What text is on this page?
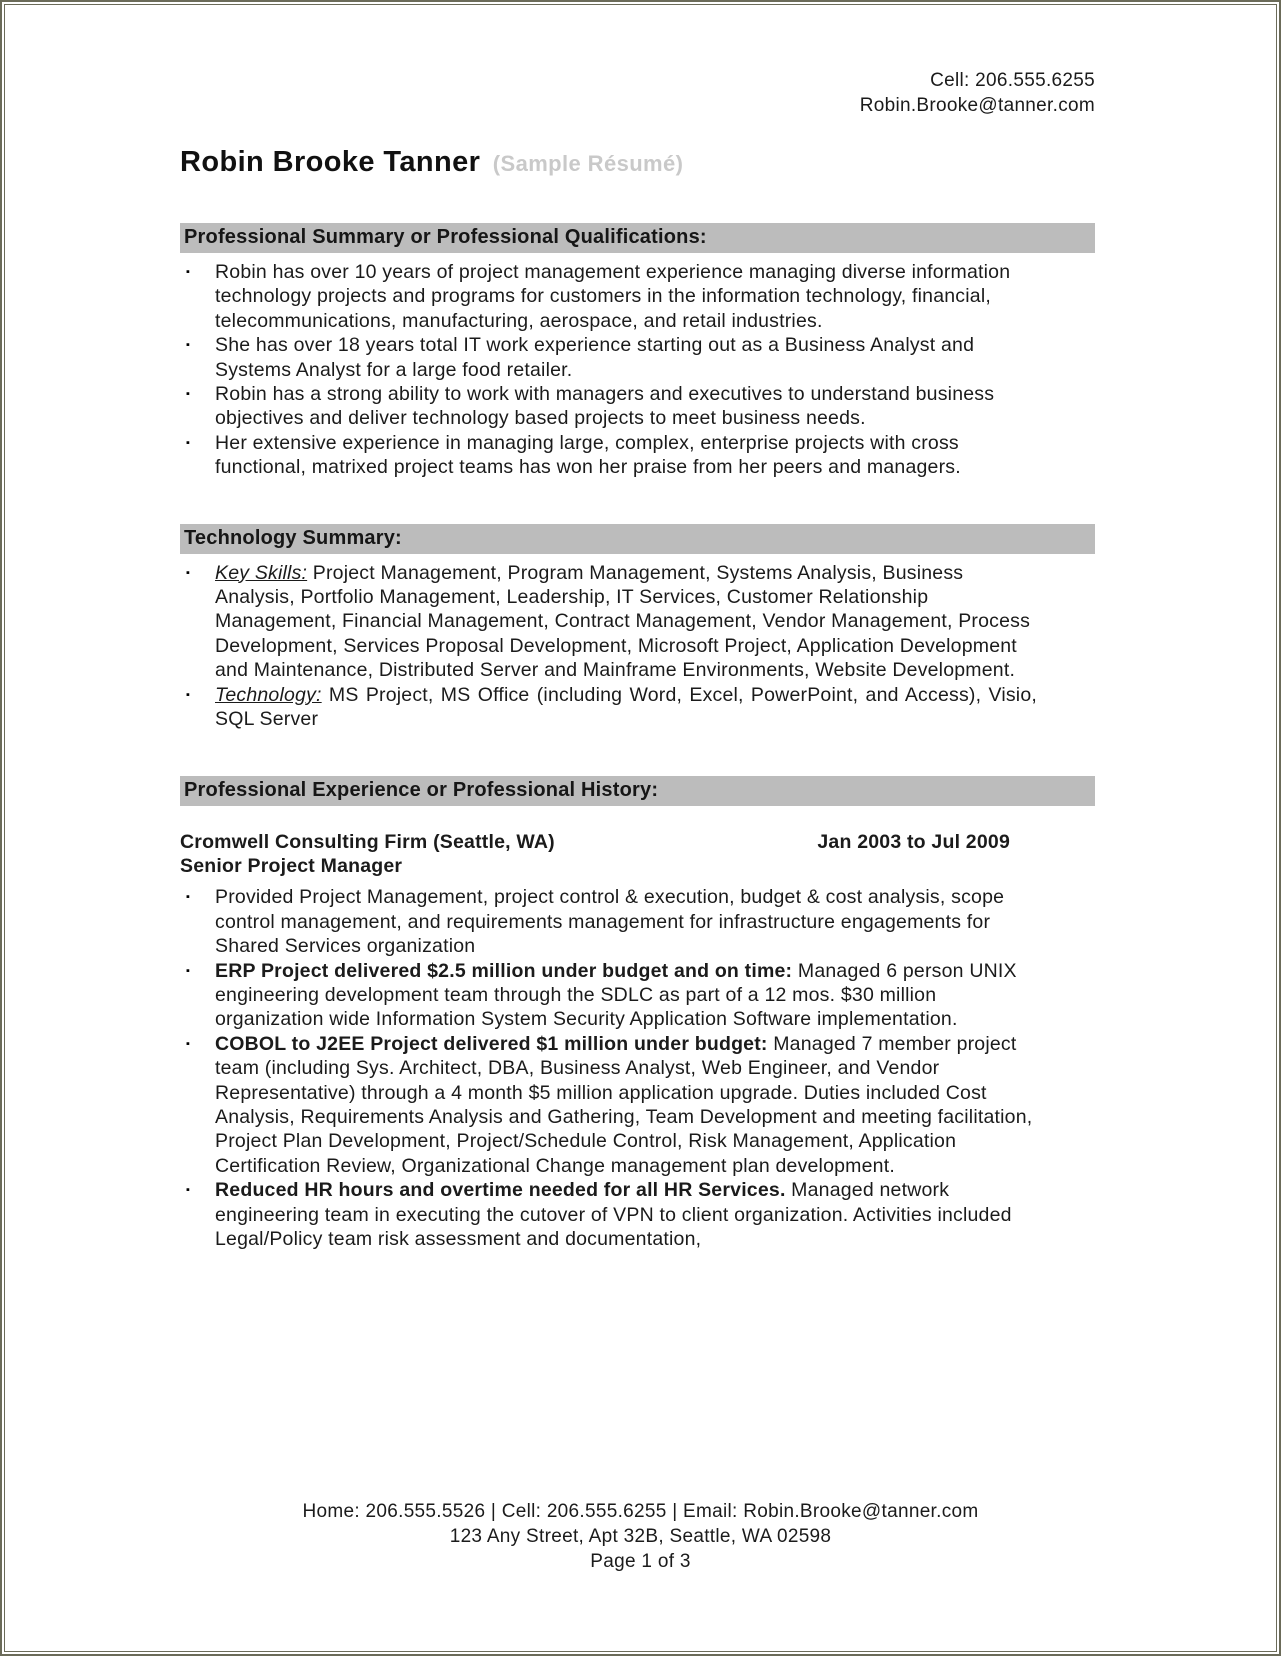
Cell: 206.555.6255
Robin.Brooke@tanner.com
Robin Brooke Tanner (Sample Résumé)
Professional Summary or Professional Qualifications:
▪	Robin has over 10 years of project management experience managing diverse information technology projects and programs for customers in the information technology, financial, telecommunications, manufacturing, aerospace, and retail industries.
▪	She has over 18 years total IT work experience starting out as a Business Analyst and Systems Analyst for a large food retailer.
▪	Robin has a strong ability to work with managers and executives to understand business objectives and deliver technology based projects to meet business needs.
▪	Her extensive experience in managing large, complex, enterprise projects with cross functional, matrixed project teams has won her praise from her peers and managers.
Technology Summary:
▪	Key Skills: Project Management, Program Management, Systems Analysis, Business Analysis, Portfolio Management, Leadership, IT Services, Customer Relationship Management, Financial Management, Contract Management, Vendor Management, Process Development, Services Proposal Development, Microsoft Project, Application Development and Maintenance, Distributed Server and Mainframe Environments, Website Development.
▪	Technology: MS Project, MS Office (including Word, Excel, PowerPoint, and Access), Visio, SQL Server
Professional Experience or Professional History:
Cromwell Consulting Firm (Seattle, WA)	Jan 2003 to Jul 2009
Senior Project Manager
▪	Provided Project Management, project control & execution, budget & cost analysis, scope control management, and requirements management for infrastructure engagements for Shared Services organization
▪	ERP Project delivered $2.5 million under budget and on time: Managed 6 person UNIX engineering development team through the SDLC as part of a 12 mos. $30 million organization wide Information System Security Application Software implementation.
▪	COBOL to J2EE Project delivered $1 million under budget: Managed 7 member project team (including Sys. Architect, DBA, Business Analyst, Web Engineer, and Vendor Representative) through a 4 month $5 million application upgrade. Duties included Cost Analysis, Requirements Analysis and Gathering, Team Development and meeting facilitation, Project Plan Development, Project/Schedule Control, Risk Management, Application Certification Review, Organizational Change management plan development.
▪	Reduced HR hours and overtime needed for all HR Services. Managed network engineering team in executing the cutover of VPN to client organization. Activities included Legal/Policy team risk assessment and documentation,
Home: 206.555.5526 | Cell: 206.555.6255 | Email: Robin.Brooke@tanner.com
123 Any Street, Apt 32B, Seattle, WA 02598
Page 1 of 3
